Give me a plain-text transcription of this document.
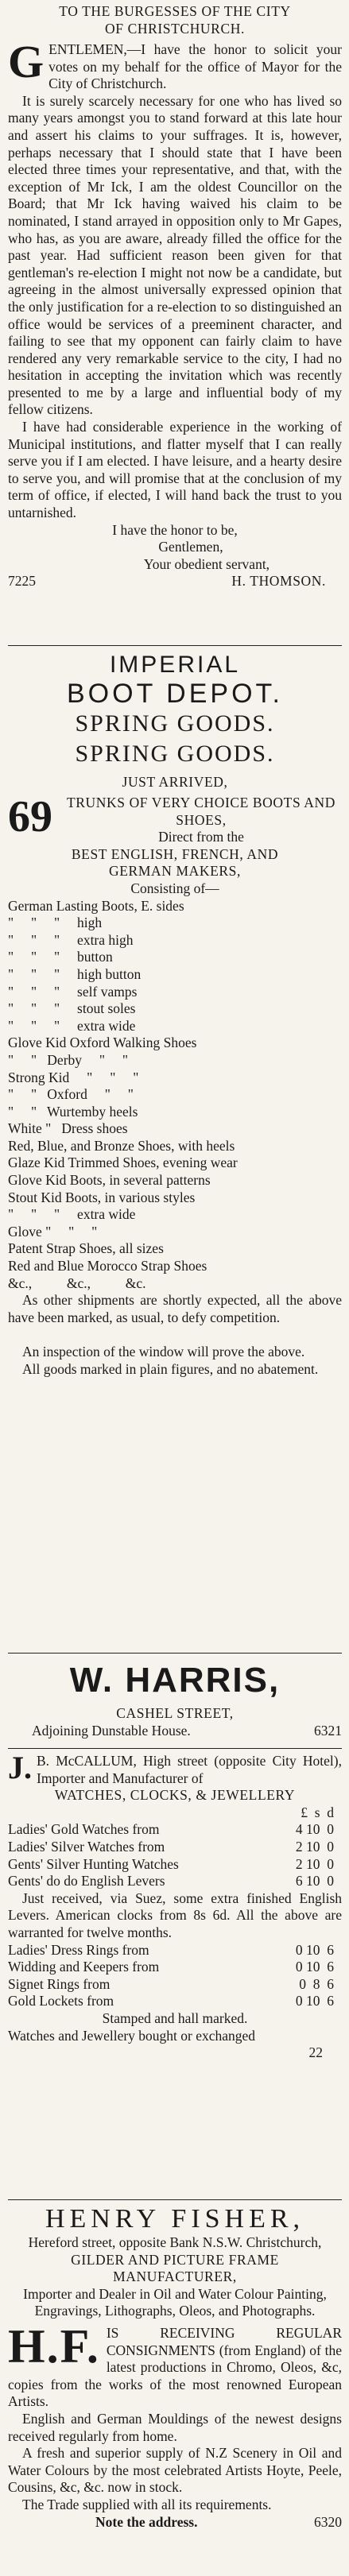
TO THE BURGESSES OF THE CITY

OF CHRISTCHURCH.

G ENTLEMEN,—I have the honor to solicit your votes on my behalf for the office of Mayor for the City of Christchurch.

It is surely scarcely necessary for one who has lived so many years amongst you to stand forward at this late hour and assert his claims to your suffrages. It is, however, perhaps necessary that I should state that I have been elected three times your representative, and that, with the exception of Mr Ick, I am the oldest Councillor on the Board; that Mr Ick having waived his claim to be nominated, I stand arrayed in opposition only to Mr Gapes, who has, as you are aware, already filled the office for the past year. Had sufficient reason been given for that gentleman's re-election I might not now be a candidate, but agreeing in the almost universally expressed opinion that the only justification for a re-election to so distinguished an office would be services of a preeminent character, and failing to see that my opponent can fairly claim to have rendered any very remarkable service to the city, I had no hesitation in accepting the invitation which was recently presented to me by a large and influential body of my fellow citizens.

I have had considerable experience in the working of Municipal institutions, and flatter myself that I can really serve you if I am elected. I have leisure, and a hearty desire to serve you, and will promise that at the conclusion of my term of office, if elected, I will hand back the trust to you untarnished.

I have the honor to be,

Gentlemen,

Your obedient servant,

7225	H. THOMSON.

IMPERIAL

BOOT DEPOT.

SPRING GOODS.

SPRING GOODS.

JUST ARRIVED,

69	TRUNKS OF VERY CHOICE BOOTS AND SHOES,

Direct from the

BEST ENGLISH, FRENCH, AND

GERMAN MAKERS,

Consisting of—

German Lasting Boots, E. sides

"     "     "     high

"     "     "     extra high

"     "     "     button

"     "     "     high button

"     "     "     self vamps

"     "     "     stout soles

"     "     "     extra wide

Glove Kid Oxford Walking Shoes

"     "   Derby     "     "

Strong Kid     "     "     "

"     "   Oxford     "     "

"     "   Wurtemby heels

White "   Dress shoes

Red, Blue, and Bronze Shoes, with heels

Glaze Kid Trimmed Shoes, evening wear

Glove Kid Boots, in several patterns

Stout Kid Boots, in various styles

"     "     "     extra wide

Glove "     "     "

Patent Strap Shoes, all sizes

Red and Blue Morocco Strap Shoes

&c.,          &c.,          &c.

As other shipments are shortly expected, all the above have been marked, as usual, to defy competition.

An inspection of the window will prove the above.

All goods marked in plain figures, and no abatement.

W. HARRIS,

CASHEL STREET,

Adjoining Dunstable House.	6321
J. B. McCALLUM, High street (opposite City Hotel), Importer and Manufacturer of

WATCHES, CLOCKS, & JEWELLERY

£  s  d

Ladies' Gold Watches from	4 10  0
Ladies' Silver Watches from	2 10  0
Gents' Silver Hunting Watches	2 10  0
Gents' do do English Levers	6 10  0

Just received, via Suez, some extra finished English Levers. American clocks from 8s 6d. All the above are warranted for twelve months.

Ladies' Dress Rings from	0 10  6
Widding and Keepers from	0 10  6
Signet Rings from	0  8  6
Gold Lockets from	0 10  6

Stamped and hall marked.

Watches and Jewellery bought or exchanged

22

HENRY FISHER,

Hereford street, opposite Bank N.S.W. Christchurch,

GILDER AND PICTURE FRAME

MANUFACTURER,

Importer and Dealer in Oil and Water Colour Painting,

Engravings, Lithographs, Oleos, and Photographs.

H.F. IS RECEIVING REGULAR CONSIGNMENTS (from England) of the latest productions in Chromo, Oleos, &c, copies from the works of the most renowned European Artists.

English and German Mouldings of the newest designs received regularly from home.

A fresh and superior supply of N.Z Scenery in Oil and Water Colours by the most celebrated Artists Hoyte, Peele, Cousins, &c, &c. now in stock.

The Trade supplied with all its requirements.

Note the address.	6320
